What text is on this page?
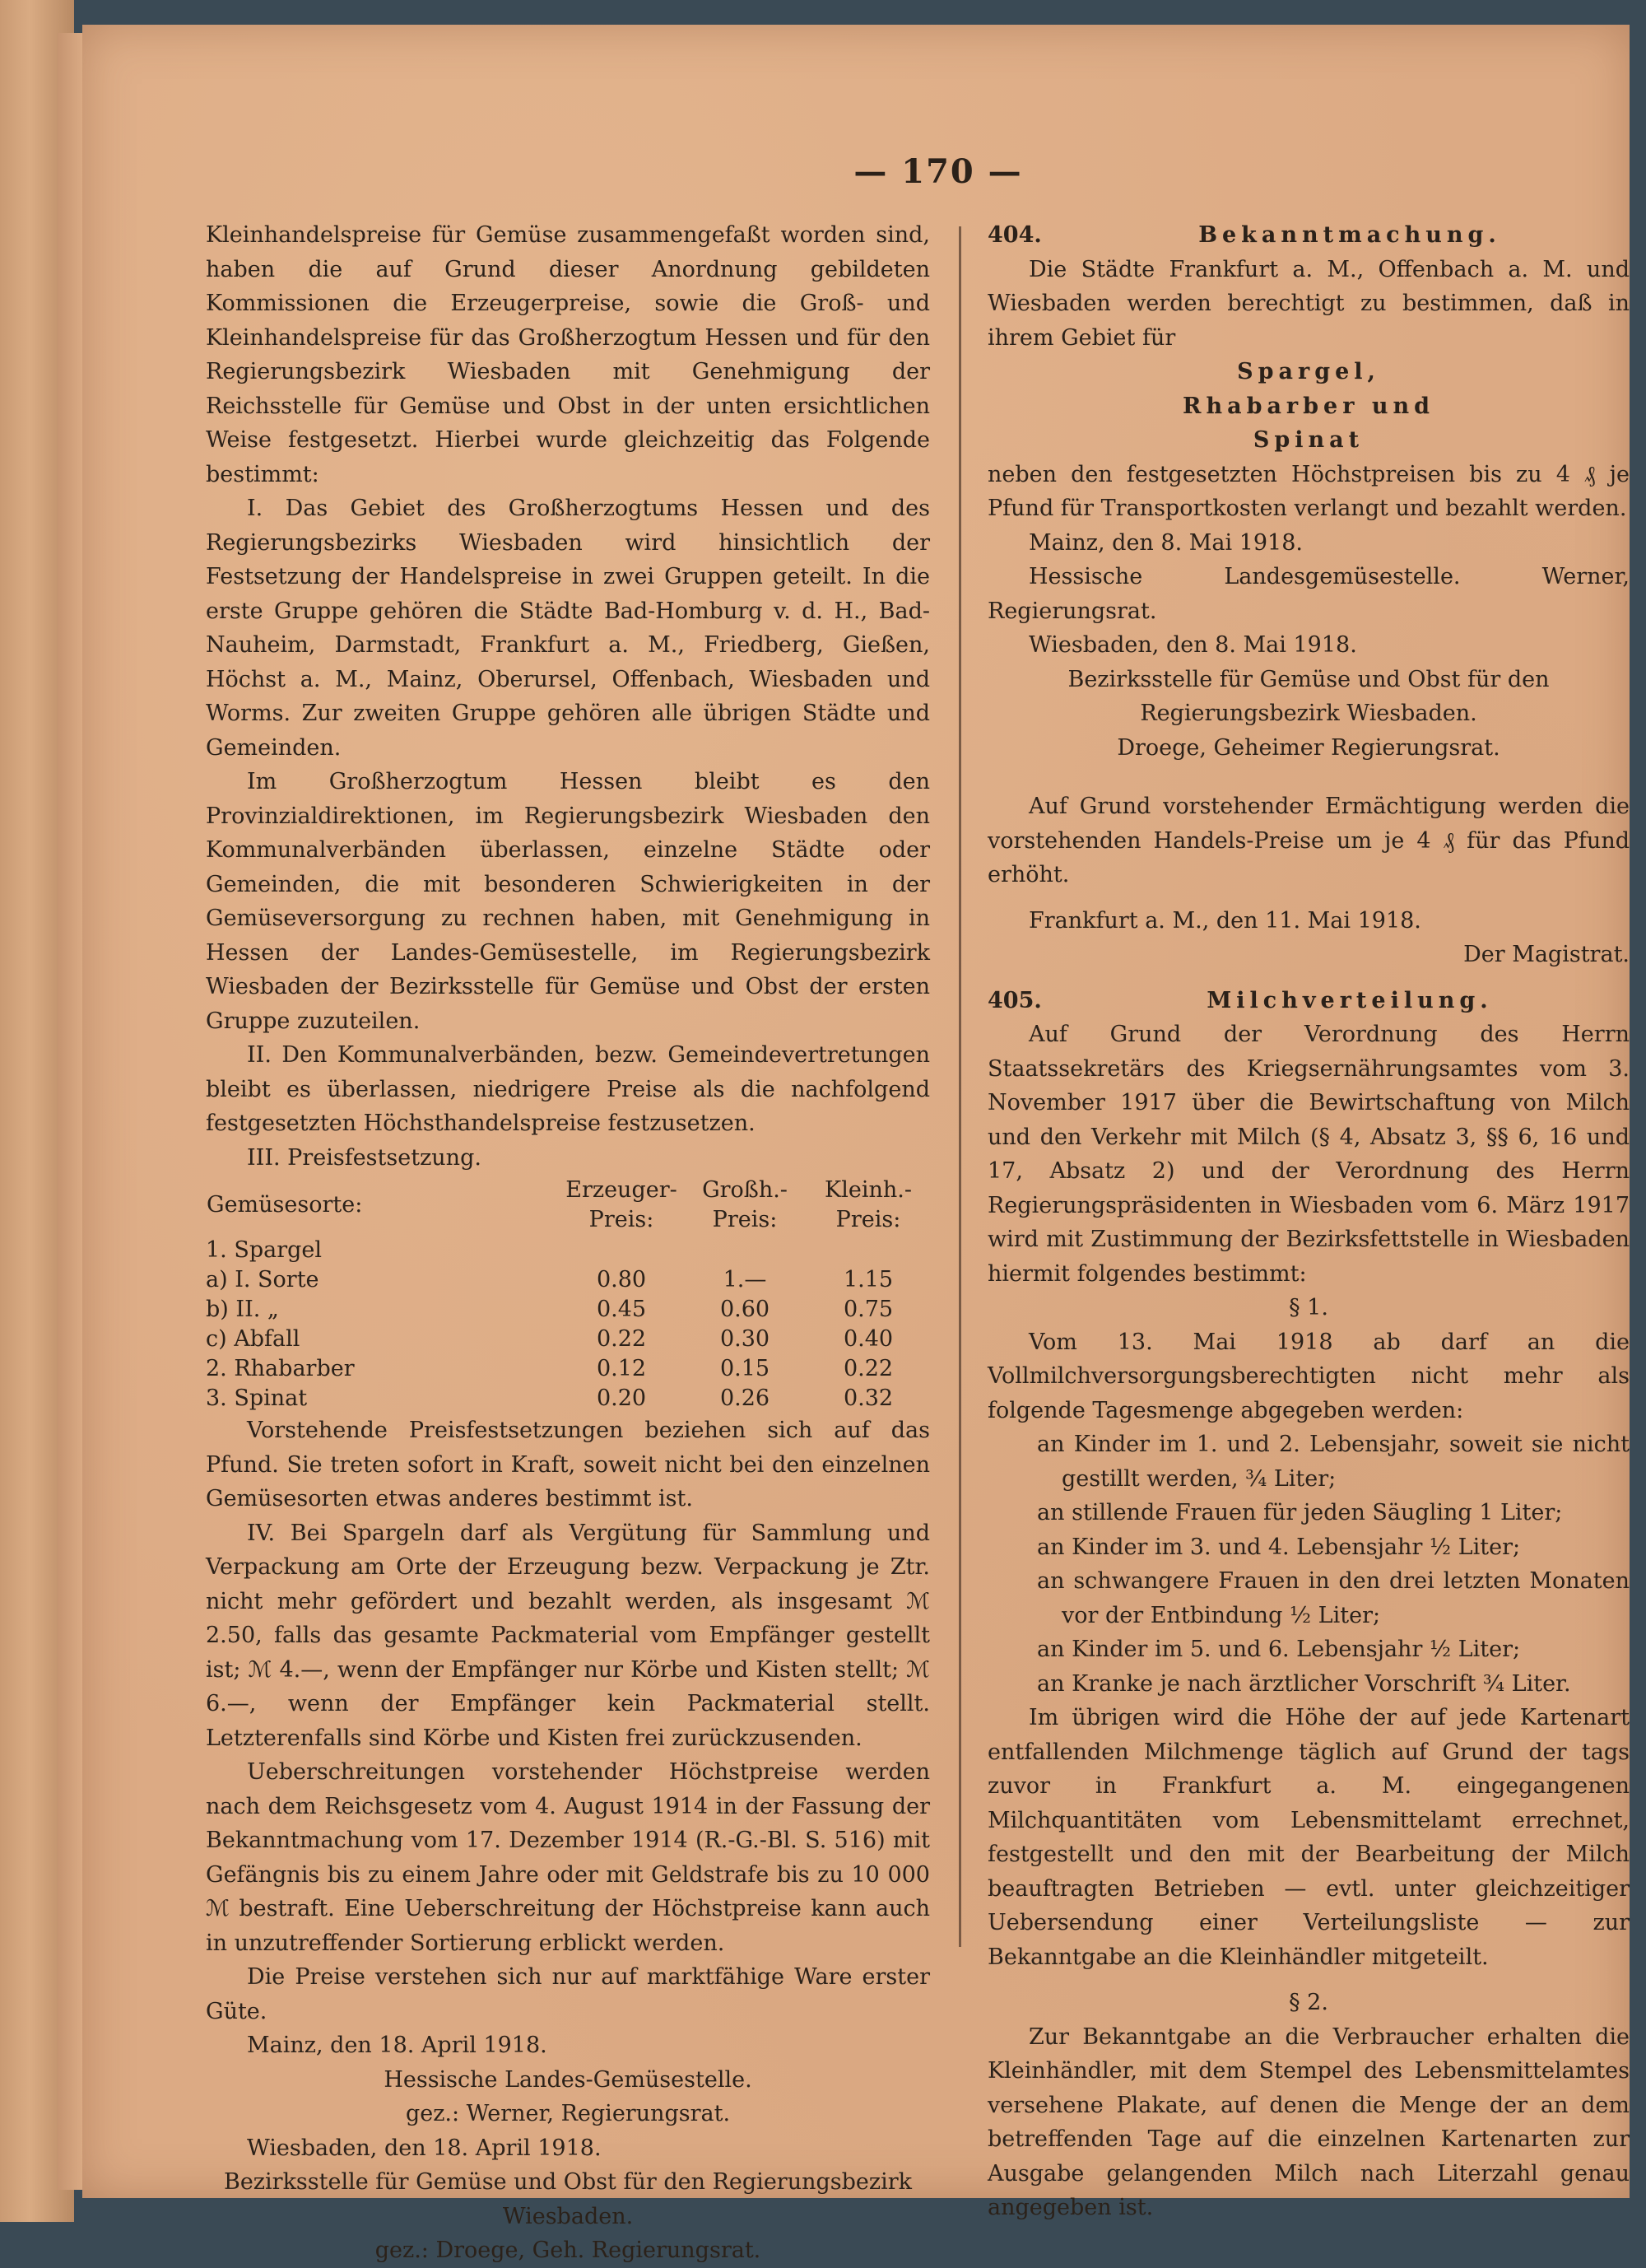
— 170 —

Kleinhandelspreise für Gemüse zusammengefaßt worden sind, haben die auf Grund dieser Anordnung gebildeten Kommissionen die Erzeugerpreise, sowie die Groß- und Kleinhandelspreise für das Großherzogtum Hessen und für den Regierungsbezirk Wiesbaden mit Genehmigung der Reichsstelle für Gemüse und Obst in der unten ersichtlichen Weise festgesetzt. Hierbei wurde gleichzeitig das Folgende bestimmt:

I. Das Gebiet des Großherzogtums Hessen und des Regierungsbezirks Wiesbaden wird hinsichtlich der Festsetzung der Handelspreise in zwei Gruppen geteilt. In die erste Gruppe gehören die Städte Bad-Homburg v. d. H., Bad-Nauheim, Darmstadt, Frankfurt a. M., Friedberg, Gießen, Höchst a. M., Mainz, Oberursel, Offenbach, Wiesbaden und Worms. Zur zweiten Gruppe gehören alle übrigen Städte und Gemeinden.

Im Großherzogtum Hessen bleibt es den Provinzialdirektionen, im Regierungsbezirk Wiesbaden den Kommunalverbänden überlassen, einzelne Städte oder Gemeinden, die mit besonderen Schwierigkeiten in der Gemüseversorgung zu rechnen haben, mit Genehmigung in Hessen der Landes-Gemüsestelle, im Regierungsbezirk Wiesbaden der Bezirksstelle für Gemüse und Obst der ersten Gruppe zuzuteilen.

II. Den Kommunalverbänden, bezw. Gemeindevertretungen bleibt es überlassen, niedrigere Preise als die nachfolgend festgesetzten Höchsthandelspreise festzusetzen.

III. Preisfestsetzung.

Gemüsesorte:	Erzeuger- Preis:	Großh.- Preis:	Kleinh.- Preis:
1. Spargel			
a) I. Sorte	0.80	1.—	1.15
b) II. „	0.45	0.60	0.75
c) Abfall	0.22	0.30	0.40
2. Rhabarber	0.12	0.15	0.22
3. Spinat	0.20	0.26	0.32

Vorstehende Preisfestsetzungen beziehen sich auf das Pfund. Sie treten sofort in Kraft, soweit nicht bei den einzelnen Gemüsesorten etwas anderes bestimmt ist.

IV. Bei Spargeln darf als Vergütung für Sammlung und Verpackung am Orte der Erzeugung bezw. Verpackung je Ztr. nicht mehr gefördert und bezahlt werden, als insgesamt ℳ 2.50, falls das gesamte Packmaterial vom Empfänger gestellt ist; ℳ 4.—, wenn der Empfänger nur Körbe und Kisten stellt; ℳ 6.—, wenn der Empfänger kein Packmaterial stellt. Letzterenfalls sind Körbe und Kisten frei zurückzusenden.

Ueberschreitungen vorstehender Höchstpreise werden nach dem Reichsgesetz vom 4. August 1914 in der Fassung der Bekanntmachung vom 17. Dezember 1914 (R.-G.-Bl. S. 516) mit Gefängnis bis zu einem Jahre oder mit Geldstrafe bis zu 10 000 ℳ bestraft. Eine Ueberschreitung der Höchstpreise kann auch in unzutreffender Sortierung erblickt werden.

Die Preise verstehen sich nur auf marktfähige Ware erster Güte.

Mainz, den 18. April 1918.

Hessische Landes-Gemüsestelle.

gez.: Werner, Regierungsrat.

Wiesbaden, den 18. April 1918.

Bezirksstelle für Gemüse und Obst für den Regierungsbezirk Wiesbaden.

gez.: Droege, Geh. Regierungsrat.

404.	Bekanntmachung.

Die Städte Frankfurt a. M., Offenbach a. M. und Wiesbaden werden berechtigt zu bestimmen, daß in ihrem Gebiet für

Spargel,

Rhabarber und

Spinat

neben den festgesetzten Höchstpreisen bis zu 4 ₰ je Pfund für Transportkosten verlangt und bezahlt werden.

Mainz, den 8. Mai 1918.

Hessische Landesgemüsestelle. Werner, Regierungsrat.

Wiesbaden, den 8. Mai 1918.

Bezirksstelle für Gemüse und Obst für den Regierungsbezirk Wiesbaden.

Droege, Geheimer Regierungsrat.

Auf Grund vorstehender Ermächtigung werden die vorstehenden Handels-Preise um je 4 ₰ für das Pfund erhöht.

Frankfurt a. M., den 11. Mai 1918.

Der Magistrat.

405.	Milchverteilung.

Auf Grund der Verordnung des Herrn Staatssekretärs des Kriegsernährungsamtes vom 3. November 1917 über die Bewirtschaftung von Milch und den Verkehr mit Milch (§ 4, Absatz 3, §§ 6, 16 und 17, Absatz 2) und der Verordnung des Herrn Regierungspräsidenten in Wiesbaden vom 6. März 1917 wird mit Zustimmung der Bezirksfettstelle in Wiesbaden hiermit folgendes bestimmt:

§ 1.

Vom 13. Mai 1918 ab darf an die Vollmilchversorgungsberechtigten nicht mehr als folgende Tagesmenge abgegeben werden:

an Kinder im 1. und 2. Lebensjahr, soweit sie nicht gestillt werden, ¾ Liter;

an stillende Frauen für jeden Säugling 1 Liter;

an Kinder im 3. und 4. Lebensjahr ½ Liter;

an schwangere Frauen in den drei letzten Monaten vor der Entbindung ½ Liter;

an Kinder im 5. und 6. Lebensjahr ½ Liter;

an Kranke je nach ärztlicher Vorschrift ¾ Liter.

Im übrigen wird die Höhe der auf jede Kartenart entfallenden Milchmenge täglich auf Grund der tags zuvor in Frankfurt a. M. eingegangenen Milchquantitäten vom Lebensmittelamt errechnet, festgestellt und den mit der Bearbeitung der Milch beauftragten Betrieben — evtl. unter gleichzeitiger Uebersendung einer Verteilungsliste — zur Bekanntgabe an die Kleinhändler mitgeteilt.

§ 2.

Zur Bekanntgabe an die Verbraucher erhalten die Kleinhändler, mit dem Stempel des Lebensmittelamtes versehene Plakate, auf denen die Menge der an dem betreffenden Tage auf die einzelnen Kartenarten zur Ausgabe gelangenden Milch nach Literzahl genau angegeben ist.
